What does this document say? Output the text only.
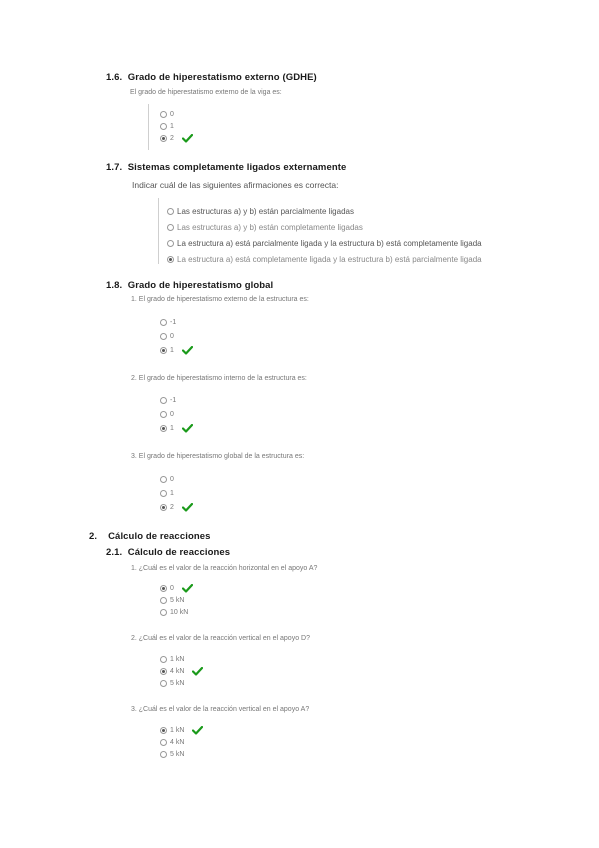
1.6. Grado de hiperestatismo externo (GDHE)
El grado de hiperestatismo externo de la viga es:
0
1
2
1.7. Sistemas completamente ligados externamente
Indicar cuál de las siguientes afirmaciones es correcta:
Las estructuras a) y b) están parcialmente ligadas
Las estructuras a) y b) están completamente ligadas
La estructura a) está parcialmente ligada y la estructura b) está completamente ligada
La estructura a) está completamente ligada y la estructura b) está parcialmente ligada
1.8. Grado de hiperestatismo global
1. El grado de hiperestatismo externo de la estructura es:
-1
0
1
2. El grado de hiperestatismo interno de la estructura es:
-1
0
1
3. El grado de hiperestatismo global de la estructura es:
0
1
2
2. Cálculo de reacciones
2.1. Cálculo de reacciones
1. ¿Cuál es el valor de la reacción horizontal en el apoyo A?
0
5 kN
10 kN
2. ¿Cuál es el valor de la reacción vertical en el apoyo D?
1 kN
4 kN
5 kN
3. ¿Cuál es el valor de la reacción vertical en el apoyo A?
1 kN
4 kN
5 kN
